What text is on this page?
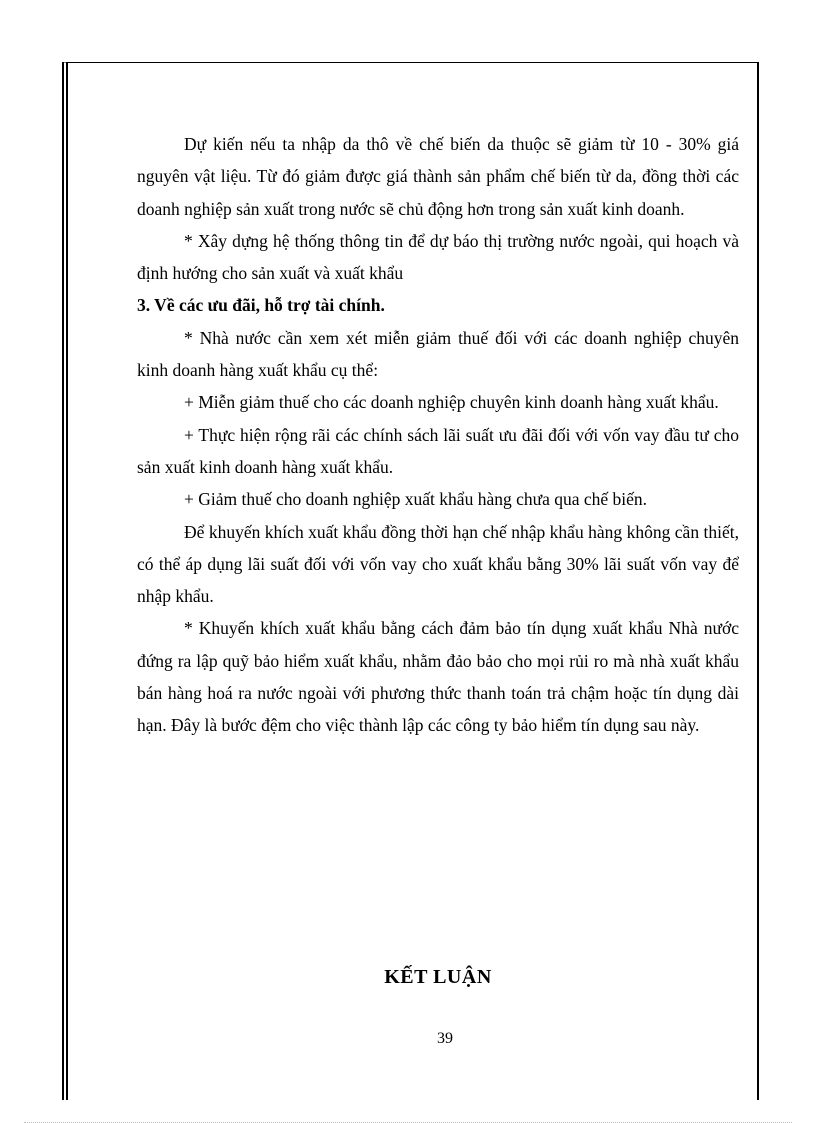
Dự kiến nếu ta nhập da thô về chế biến da thuộc sẽ giảm từ 10 - 30% giá nguyên vật liệu. Từ đó giảm được giá thành sản phẩm chế biến từ da, đồng thời các doanh nghiệp sản xuất trong nước sẽ chủ động hơn trong sản xuất kinh doanh.

* Xây dựng hệ thống thông tin để dự báo thị trường nước ngoài, qui hoạch và định hướng cho sản xuất và xuất khẩu

3. Về các ưu đãi, hỗ trợ tài chính.

* Nhà nước cần xem xét miễn giảm thuế đối với các doanh nghiệp chuyên kinh doanh hàng xuất khẩu cụ thể:

+ Miễn giảm thuế cho các doanh nghiệp chuyên kinh doanh hàng xuất khẩu.

+ Thực hiện rộng rãi các chính sách lãi suất ưu đãi đối với vốn vay đầu tư cho sản xuất kinh doanh hàng xuất khẩu.

+ Giảm thuế cho doanh nghiệp xuất khẩu hàng chưa qua chế biến.

Để khuyến khích xuất khẩu đồng thời hạn chế nhập khẩu hàng không cần thiết, có thể áp dụng lãi suất đối với vốn vay cho xuất khẩu bằng 30% lãi suất vốn vay để nhập khẩu.

* Khuyến khích xuất khẩu bằng cách đảm bảo tín dụng xuất khẩu Nhà nước đứng ra lập quỹ bảo hiểm xuất khẩu, nhằm đảo bảo cho mọi rủi ro mà nhà xuất khẩu bán hàng hoá ra nước ngoài với phương thức thanh toán trả chậm hoặc tín dụng dài hạn. Đây là bước đệm cho việc thành lập các công ty bảo hiểm tín dụng sau này.

KẾT LUẬN
39
